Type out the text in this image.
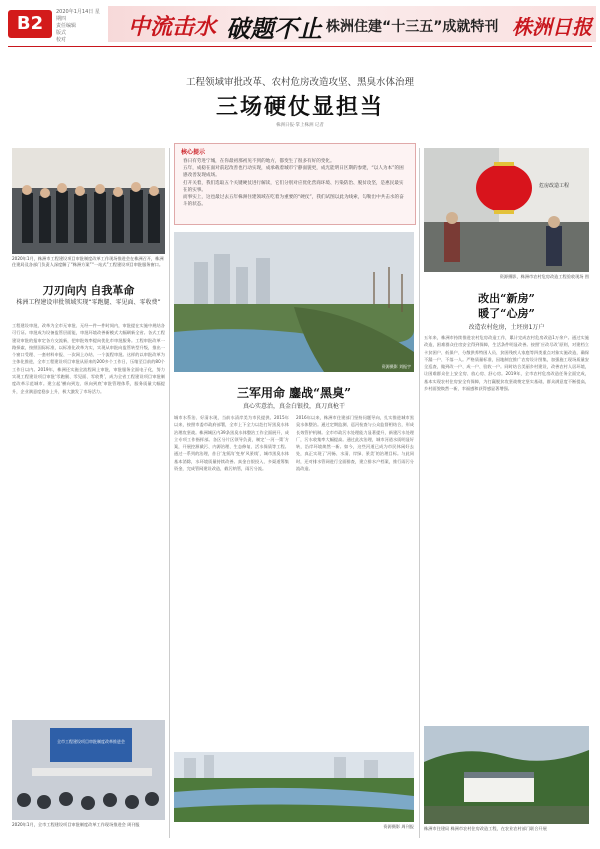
B2
2020年1月14日 星期四
责任编辑
版式
校对	中流击水 破题不止 株洲住建“十三五”成就特刊 株洲日报
工程领域审批改革、农村危房改造攻坚、黑臭水体治理
三场硬仗显担当
株洲日报·掌上株洲 记者
2020年1月，株洲市工程建设项目审批制度改革工作现场推进会在株洲召开，株洲住建局及各部门负责人深度解了“株洲方案”“一站式”工程建设项目审批服务窗口。
刀刃向内 自我革命
株洲工程建设审批领域实现“零跑腿、零见面、零收费”
工程建设审批，改革为全市无审批、无经—件—件时间内，审批提在实施中规结各可行证。审批成为设备监管层面能，审批环境改善新模式大幅刷新全省。各式工程建设审批的报审定各方交流新，把审批效率提向优化市审批服务。工程审批改革一路探索，按照国际标准，以标准化改革为实，实现从审批向监管转型升级，推出一个窗口受理、一套材料申报、一次网上办结、一个流程审批。这样的以审批改革为主体化推进，全市工程建设项目审批从原来的200多个工作日，压缩至目前的80个工作日以内。2019年，株洲还实施全流程网上审批，审批服务全面电子化，努力实现工程建设项目审批‘零跑腿、零见面、零收费’，成为全省工程建设项目审批制度改革示范城市。建立起‘横向到边、纵向到底’审批管理体系，服务质量大幅提升，企业满意度稳步上升，极大激发了市场活力。
全市工程建设项目审批制度改革推进会
2020年1月，全市工程建设项目审批制度改革工作现场推进会 周刊报
核心提示
春日有劳进宁城，在你最初那初见不到的地方，都变生了很多有好的变化。
五年，成稳在面对前起改善也行动实现，成承载着城市宁静面貌更，成光能明日区期的参建，“以人为本”的困感改善发现成场。
打开关着，我们选取五个关键硬仗进行解读，它们分别对应优化营商环境、污染防治、脱贫攻坚，是惠民最实在的实事。
而事实上，这也最过去五年株洲住建领域在吃着为重要的“硬仗”，我们试图以此为线索，勾勒出中共击水的奋斗的状态。
资源摄影 刘振宇
三军用命 鏖战“黑臭”
真心实意治，真金白银投，真刀真枪干
城市水系治、好清水现，当前水清岸美为市民提供。2015年以来，按照市委市政府部署，全市上下全力以赴打好黑臭水体治理攻坚战。株洲城区内39条黑臭水体整治工作全面展开，成立专项工作指挥部。各区分片区领导负责，制定‘一河一策’方案，开展控源截污、内源治理、生态修复、活水保质等工程。通过一系列的治理，昔日‘龙须沟’变身‘风景线’，城市黑臭水体基本消除，水环境质量持续改善。真金白银投入、多渠道筹集资金，完成管网建设改造，截污纳管，雨污分流。
2016年以来，株洲市住建部门坚持问题导向，扎实推进城市黑臭水体整治。通过定期监测、巡河检查与公众监督相结合，形成长效管护机制。全市市政污水处理能力显著提升，新建污水处理厂，污水收集率大幅提高。通过此次治理，城市河道水质明显好转，沿岸环境焕然一新。如今，这些河道已成为市民休闲好去处，真正实现了‘河畅、水清、岸绿、景美’的治理目标。与此同时，还对排水管网进行全面排查，建立排水户档案，推行雨污分流改造。
资源摄影 周刊报
危房改造工程
资源摄影，株洲市农村危房改造工程验收现场 图
改出“新房”
暖了“心房”
改造农村危房，土坯房1万户
五年来，株洲市持续推进农村危房改造工作，累计完成农村危房改造1万余户。通过实施改造，困难群众住房安全得到保障，生活条件明显改善。按照‘应改尽改’原则，对建档立卡贫困户、低保户、分散供养特困人员、贫困残疾人家庭等四类重点对象实施改造，确保不漏一户、不落一人。严格质量标准，因地制宜推广农房设计图集，加强施工现场质量安全巡查，做到改一户、成一户、验收一户。同时结合美丽乡村建设，改善农村人居环境，让困难群众住上安全房、放心房、舒心房。2019年，全市农村危房改造任务全面完成，基本实现农村住房安全有保障，为打赢脱贫攻坚战奠定坚实基础，群众满意度不断提高，乡村面貌焕然一新，幸福感和获得感显著增强。
株洲市住建局 株洲市农村住房改造工程，在农业农村部门联合开展
